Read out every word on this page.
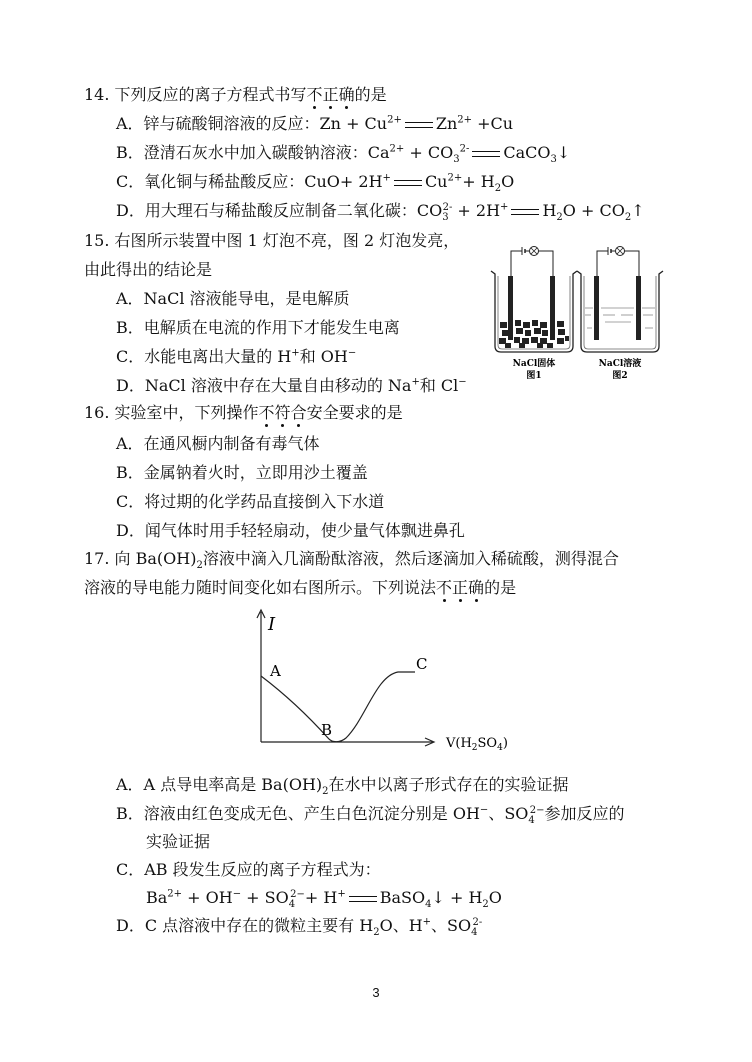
14. 下列反应的离子方程式书写不正确的是
A．锌与硫酸铜溶液的反应：$Zn + Cu^{2+}$ $Zn^{2+} +Cu$
B．澄清石灰水中加入碳酸钠溶液：$Ca^{2+} + CO_3^{2-}$ CaCO$_3$↓
C．氧化铜与稀盐酸反应：CuO+ 2H+ $Cu^{2+}+ H_2O$
D．用大理石与稀盐酸反应制备二氧化碳：$CO_3^{2-} + 2H^+$ $H_2O$ + $CO_2↑$
15. 右图所示装置中图 1 灯泡不亮，图 2 灯泡发亮，
由此得出的结论是
A．NaCl 溶液能导电，是电解质
B．电解质在电流的作用下才能发生电离
C．水能电离出大量的 H+和 OH−
D．NaCl 溶液中存在大量自由移动的 Na+和 Cl−
NaCl固体
图1
NaCl溶液
图2
16. 实验室中，下列操作不符合安全要求的是
A．在通风橱内制备有毒气体
B．金属钠着火时，立即用沙土覆盖
C．将过期的化学药品直接倒入下水道
D．闻气体时用手轻轻扇动，使少量气体飘进鼻孔
17. 向 $Ba(OH)_2$溶液中滴入几滴酚酞溶液，然后逐滴加入稀硫酸，测得混合
溶液的导电能力随时间变化如右图所示。下列说法不正确的是
I
A
B
C
$V(H_2SO_4)$
A．A 点导电率高是 $Ba(OH)_2$在水中以离子形式存在的实验证据
B．溶液由红色变成无色、产生白色沉淀分别是 OH−、$SO_4^{2-}$参加反应的
实验证据
C．AB 段发生反应的离子方程式为：
$Ba^{2+} + OH^- + SO_4^{2-}+ H^+$ BaSO$_4$↓ + $H_2O$
D．C 点溶液中存在的微粒主要有 $H_2O$、H+、$SO_4^{2-}$
3
